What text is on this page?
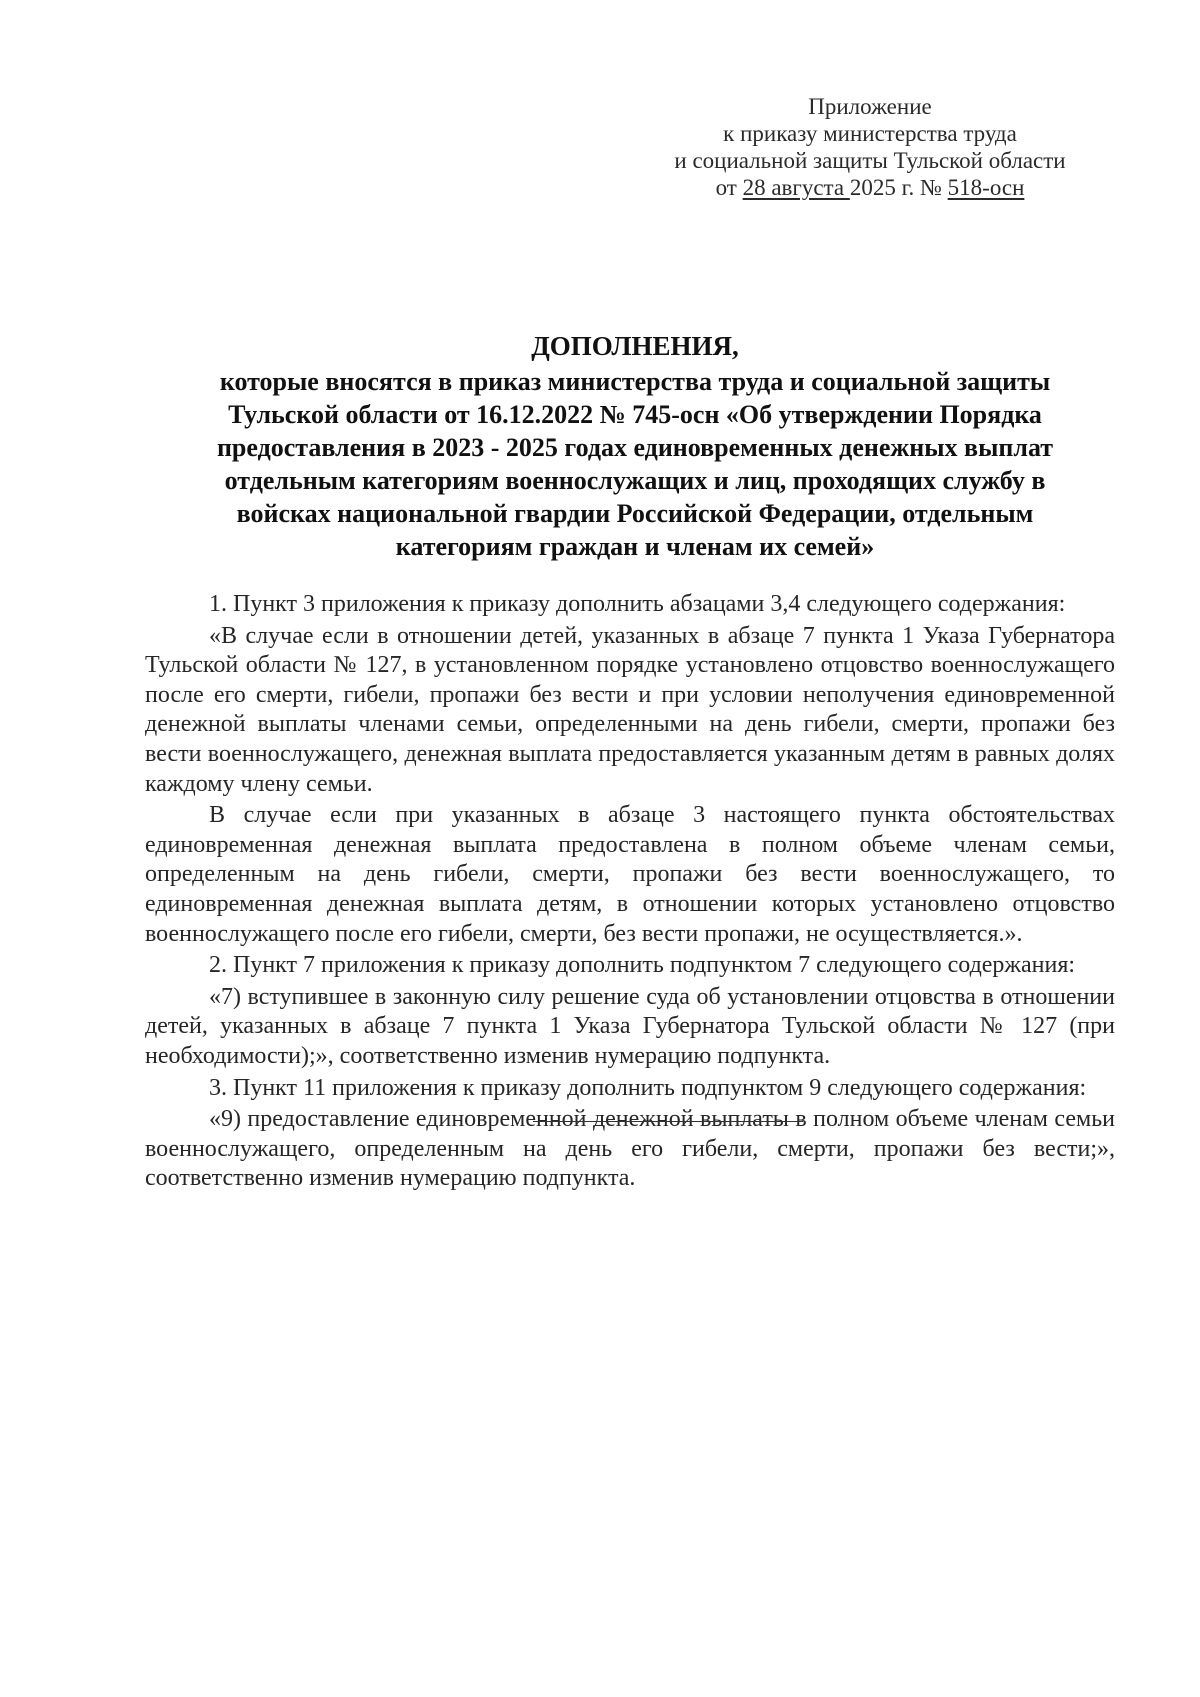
Приложение
к приказу министерства труда
и социальной защиты Тульской области
от 28 августа 2025 г. № 518-осн
ДОПОЛНЕНИЯ,
которые вносятся в приказ министерства труда и социальной защиты
Тульской области от 16.12.2022 № 745-осн «Об утверждении Порядка
предоставления в 2023 - 2025 годах единовременных денежных выплат
отдельным категориям военнослужащих и лиц, проходящих службу в
войсках национальной гвардии Российской Федерации, отдельным
категориям граждан и членам их семей»

1. Пункт 3 приложения к приказу дополнить абзацами 3,4 следующего содержания:

«В случае если в отношении детей, указанных в абзаце 7 пункта 1 Указа Губернатора Тульской области № 127, в установленном порядке установлено отцовство военнослужащего после его смерти, гибели, пропажи без вести и при условии неполучения единовременной денежной выплаты членами семьи, определенными на день гибели, смерти, пропажи без вести военнослужащего, денежная выплата предоставляется указанным детям в равных долях каждому члену семьи.

В случае если при указанных в абзаце 3 настоящего пункта обстоятельствах единовременная денежная выплата предоставлена в полном объеме членам семьи, определенным на день гибели, смерти, пропажи без вести военнослужащего, то единовременная денежная выплата детям, в отношении которых установлено отцовство военнослужащего после его гибели, смерти, без вести пропажи, не осуществляется.».

2. Пункт 7 приложения к приказу дополнить подпунктом 7 следующего содержания:

«7) вступившее в законную силу решение суда об установлении отцовства в отношении детей, указанных в абзаце 7 пункта 1 Указа Губернатора Тульской области № 127 (при необходимости);», соответственно изменив нумерацию подпункта.

3. Пункт 11 приложения к приказу дополнить подпунктом 9 следующего содержания:

«9) предоставление единовременной денежной выплаты в полном объеме членам семьи военнослужащего, определенным на день его гибели, смерти, пропажи без вести;», соответственно изменив нумерацию подпункта.
